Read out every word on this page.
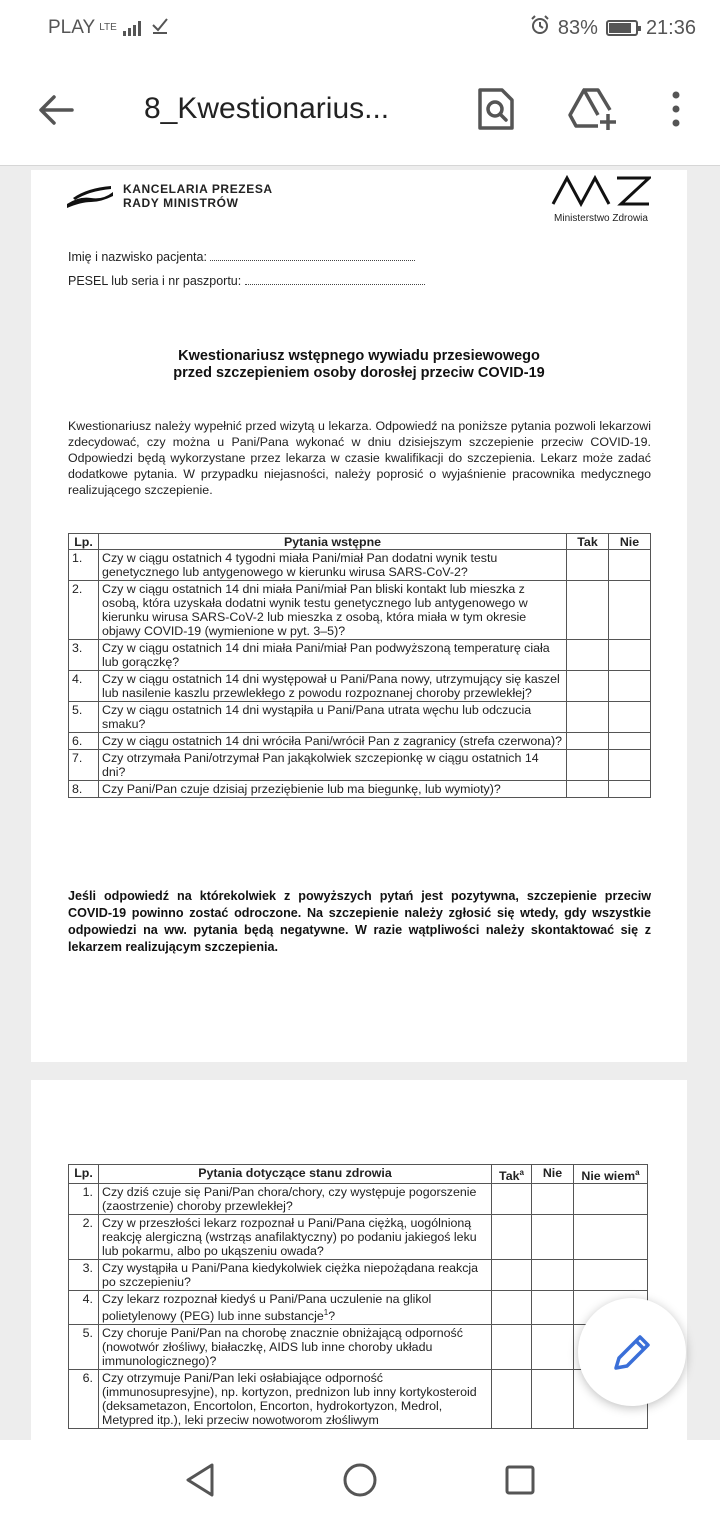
PLAY LTE	83% 21:36
8_Kwestionarius...
KANCELARIA PREZESA
RADY MINISTRÓW
Ministerstwo Zdrowia
Imię i nazwisko pacjenta:
PESEL lub seria i nr paszportu:
Kwestionariusz wstępnego wywiadu przesiewowego
przed szczepieniem osoby dorosłej przeciw COVID-19
Kwestionariusz należy wypełnić przed wizytą u lekarza. Odpowiedź na poniższe pytania pozwoli lekarzowi zdecydować, czy można u Pani/Pana wykonać w dniu dzisiejszym szczepienie przeciw COVID-19. Odpowiedzi będą wykorzystane przez lekarza w czasie kwalifikacji do szczepienia. Lekarz może zadać dodatkowe pytania. W przypadku niejasności, należy poprosić o wyjaśnienie pracownika medycznego realizującego szczepienie.
Lp.	Pytania wstępne	Tak	Nie
1.	Czy w ciągu ostatnich 4 tygodni miała Pani/miał Pan dodatni wynik testu genetycznego lub antygenowego w kierunku wirusa SARS-CoV-2?		
2.	Czy w ciągu ostatnich 14 dni miała Pani/miał Pan bliski kontakt lub mieszka z osobą, która uzyskała dodatni wynik testu genetycznego lub antygenowego w kierunku wirusa SARS-CoV-2 lub mieszka z osobą, która miała w tym okresie objawy COVID-19 (wymienione w pyt. 3–5)?		
3.	Czy w ciągu ostatnich 14 dni miała Pani/miał Pan podwyższoną temperaturę ciała lub gorączkę?		
4.	Czy w ciągu ostatnich 14 dni występował u Pani/Pana nowy, utrzymujący się kaszel lub nasilenie kaszlu przewlekłego z powodu rozpoznanej choroby przewlekłej?		
5.	Czy w ciągu ostatnich 14 dni wystąpiła u Pani/Pana utrata węchu lub odczucia smaku?		
6.	Czy w ciągu ostatnich 14 dni wróciła Pani/wrócił Pan z zagranicy (strefa czerwona)?		
7.	Czy otrzymała Pani/otrzymał Pan jakąkolwiek szczepionkę w ciągu ostatnich 14 dni?		
8.	Czy Pani/Pan czuje dzisiaj przeziębienie lub ma biegunkę, lub wymioty)?		
Jeśli odpowiedź na którekolwiek z powyższych pytań jest pozytywna, szczepienie przeciw COVID-19 powinno zostać odroczone. Na szczepienie należy zgłosić się wtedy, gdy wszystkie odpowiedzi na ww. pytania będą negatywne. W razie wątpliwości należy skontaktować się z lekarzem realizującym szczepienia.
Lp.	Pytania dotyczące stanu zdrowia	Tak$^a$	Nie	Nie wiem$^a$
1.	Czy dziś czuje się Pani/Pan chora/chory, czy występuje pogorszenie (zaostrzenie) choroby przewlekłej?			
2.	Czy w przeszłości lekarz rozpoznał u Pani/Pana ciężką, uogólnioną reakcję alergiczną (wstrząs anafilaktyczny) po podaniu jakiegoś leku lub pokarmu, albo po ukąszeniu owada?			
3.	Czy wystąpiła u Pani/Pana kiedykolwiek ciężka niepożądana reakcja po szczepieniu?			
4.	Czy lekarz rozpoznał kiedyś u Pani/Pana uczulenie na glikol polietylenowy (PEG) lub inne substancje$^1$?			
5.	Czy choruje Pani/Pan na chorobę znacznie obniżającą odporność (nowotwór złośliwy, białaczkę, AIDS lub inne choroby układu immunologicznego)?			
6.	Czy otrzymuje Pani/Pan leki osłabiające odporność (immunosupresyjne), np. kortyzon, prednizon lub inny kortykosteroid (deksametazon, Encortolon, Encorton, hydrokortyzon, Medrol, Metypred itp.), leki przeciw nowotworom złośliwym			
